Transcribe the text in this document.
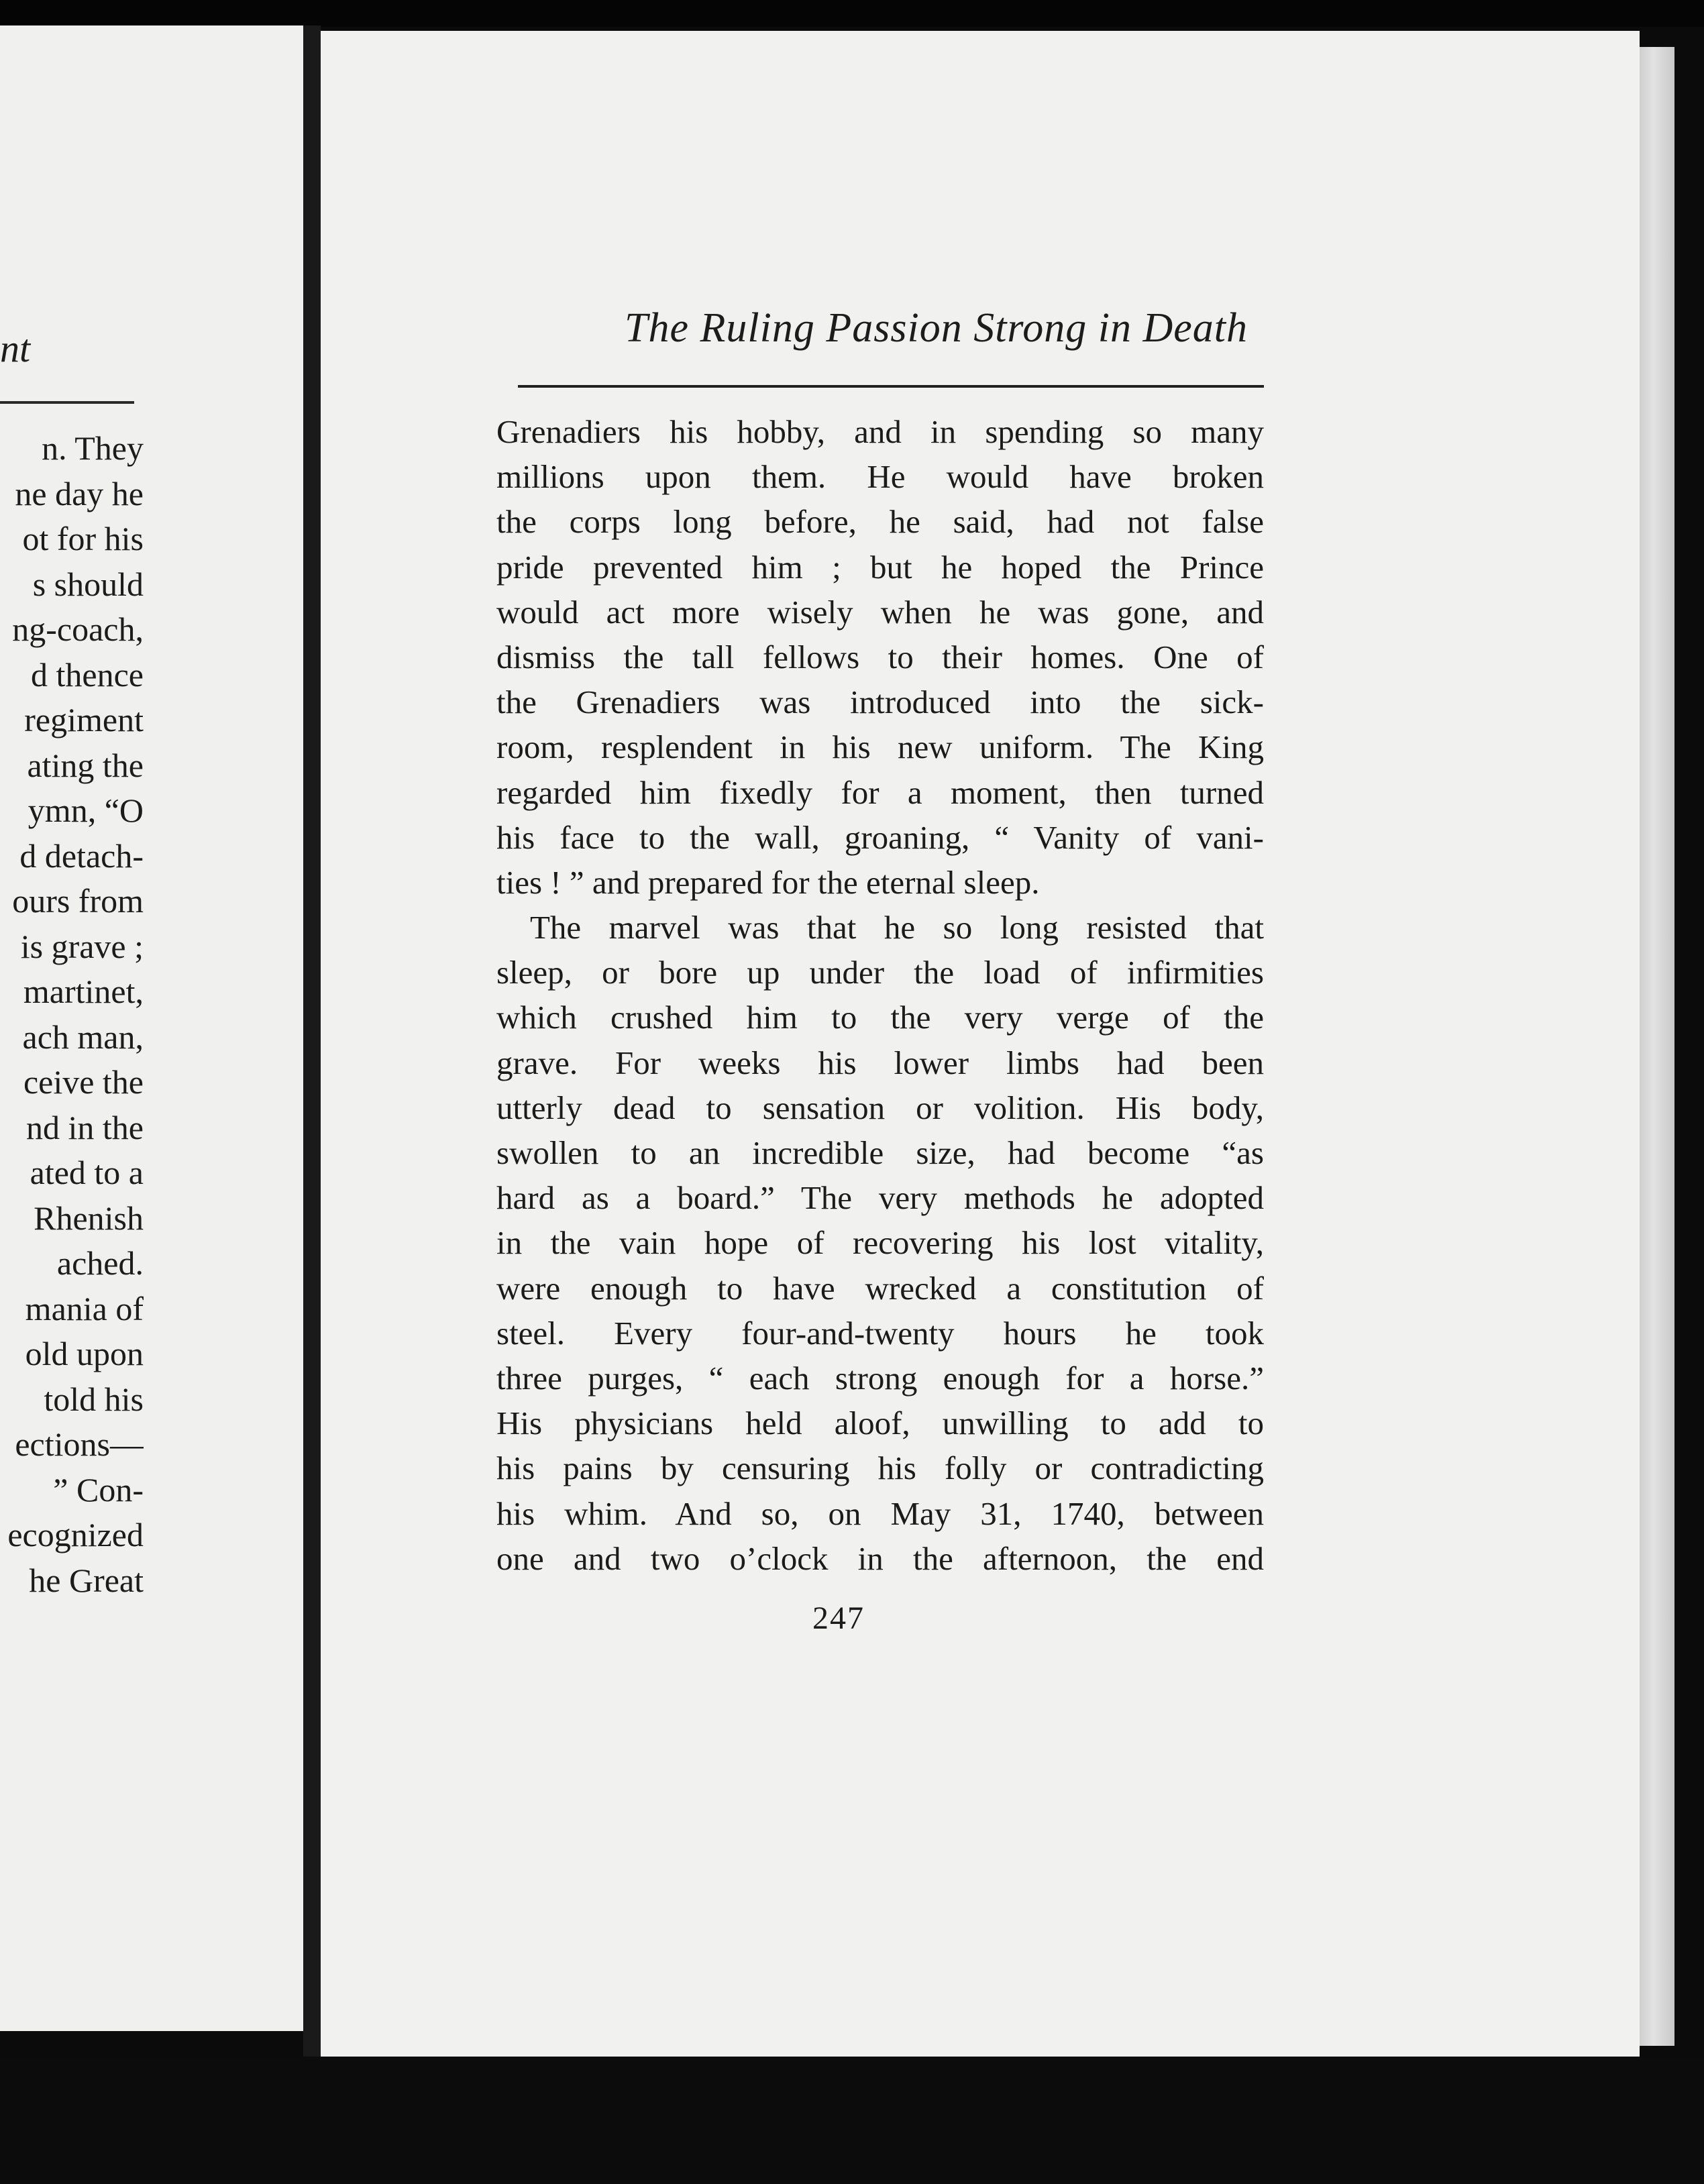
nt
n. They
ne day he
ot for his
s should
ng-coach,
d thence
regiment
ating the
ymn, “O
d detach-
ours from
is grave ;
martinet,
ach man,
ceive the
nd in the
ated to a
Rhenish
ached.
mania of
old upon
told his
ections—
” Con-
ecognized
he Great
The Ruling Passion Strong in Death
Grenadiers his hobby, and in spending so many
millions upon them. He would have broken
the corps long before, he said, had not false
pride prevented him ; but he hoped the Prince
would act more wisely when he was gone, and
dismiss the tall fellows to their homes. One of
the Grenadiers was introduced into the sick-
room, resplendent in his new uniform. The King
regarded him fixedly for a moment, then turned
his face to the wall, groaning, “ Vanity of vani-
ties ! ” and prepared for the eternal sleep.
The marvel was that he so long resisted that
sleep, or bore up under the load of infirmities
which crushed him to the very verge of the
grave. For weeks his lower limbs had been
utterly dead to sensation or volition. His body,
swollen to an incredible size, had become “as
hard as a board.” The very methods he adopted
in the vain hope of recovering his lost vitality,
were enough to have wrecked a constitution of
steel. Every four-and-twenty hours he took
three purges, “ each strong enough for a horse.”
His physicians held aloof, unwilling to add to
his pains by censuring his folly or contradicting
his whim. And so, on May 31, 1740, between
one and two o’clock in the afternoon, the end
247
